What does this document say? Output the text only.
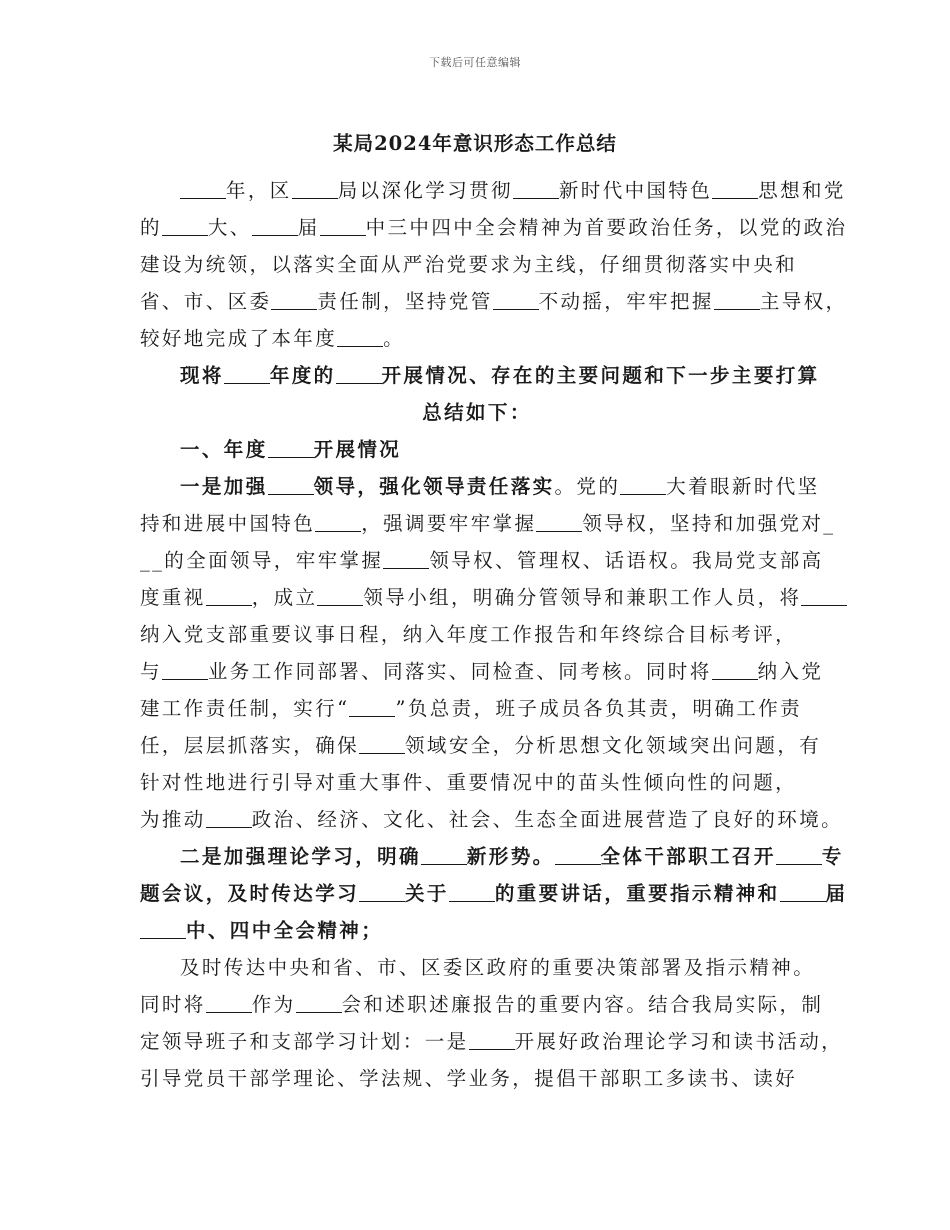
下载后可任意编辑
某局2024年意识形态工作总结
年，区 局以深化学习贯彻 新时代中国特色 思想和党
的 大、 届 中三中四中全会精神为首要政治任务，以党的政治
建设为统领，以落实全面从严治党要求为主线，仔细贯彻落实中央和
省、市、区委 责任制，坚持党管 不动摇，牢牢把握 主导权，
较好地完成了本年度 。
现将 年度的 开展情况、存在的主要问题和下一步主要打算
总结如下：
一、年度 开展情况
一是加强 领导，强化领导责任落实。党的 大着眼新时代坚
持和进展中国特色 ，强调要牢牢掌握 领导权，坚持和加强党对_
__的全面领导，牢牢掌握 领导权、管理权、话语权。我局党支部高
度重视 ，成立 领导小组，明确分管领导和兼职工作人员，将
纳入党支部重要议事日程，纳入年度工作报告和年终综合目标考评，
与 业务工作同部署、同落实、同检查、同考核。同时将 纳入党
建工作责任制，实行“ ”负总责，班子成员各负其责，明确工作责
任，层层抓落实，确保 领域安全，分析思想文化领域突出问题，有
针对性地进行引导对重大事件、重要情况中的苗头性倾向性的问题，
为推动 政治、经济、文化、社会、生态全面进展营造了良好的环境。
二是加强理论学习，明确 新形势。 全体干部职工召开 专
题会议，及时传达学习 关于 的重要讲话，重要指示精神和 届
中、四中全会精神；
及时传达中央和省、市、区委区政府的重要决策部署及指示精神。
同时将 作为 会和述职述廉报告的重要内容。结合我局实际，制
定领导班子和支部学习计划：一是 开展好政治理论学习和读书活动，
引导党员干部学理论、学法规、学业务，提倡干部职工多读书、读好
